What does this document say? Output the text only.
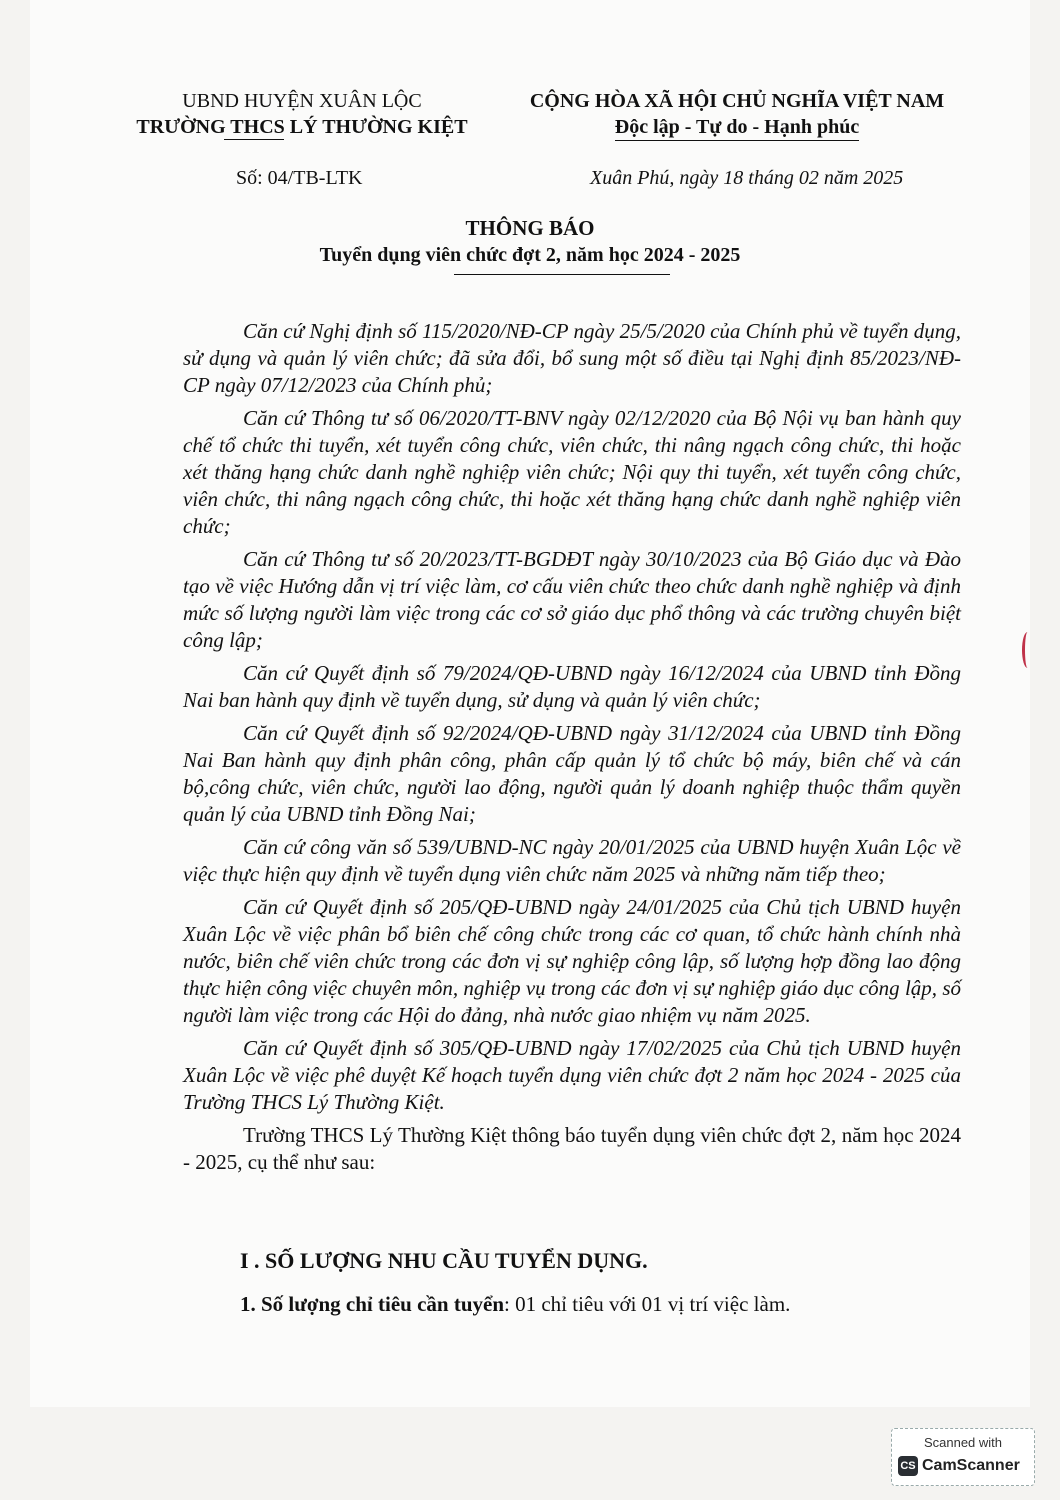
UBND HUYỆN XUÂN LỘC
TRƯỜNG THCS LÝ THƯỜNG KIỆT
CỘNG HÒA XÃ HỘI CHỦ NGHĨA VIỆT NAM
Độc lập - Tự do - Hạnh phúc
Số: 04/TB-LTK	Xuân Phú, ngày 18 tháng 02 năm 2025
THÔNG BÁO
Tuyển dụng viên chức đợt 2, năm học 2024 - 2025

Căn cứ Nghị định số 115/2020/NĐ-CP ngày 25/5/2020 của Chính phủ về tuyển dụng, sử dụng và quản lý viên chức; đã sửa đổi, bổ sung một số điều tại Nghị định 85/2023/NĐ-CP ngày 07/12/2023 của Chính phủ;

Căn cứ Thông tư số 06/2020/TT-BNV ngày 02/12/2020 của Bộ Nội vụ ban hành quy chế tổ chức thi tuyển, xét tuyển công chức, viên chức, thi nâng ngạch công chức, thi hoặc xét thăng hạng chức danh nghề nghiệp viên chức; Nội quy thi tuyển, xét tuyển công chức, viên chức, thi nâng ngạch công chức, thi hoặc xét thăng hạng chức danh nghề nghiệp viên chức;

Căn cứ Thông tư số 20/2023/TT-BGDĐT ngày 30/10/2023 của Bộ Giáo dục và Đào tạo về việc Hướng dẫn vị trí việc làm, cơ cấu viên chức theo chức danh nghề nghiệp và định mức số lượng người làm việc trong các cơ sở giáo dục phổ thông và các trường chuyên biệt công lập;

Căn cứ Quyết định số 79/2024/QĐ-UBND ngày 16/12/2024 của UBND tỉnh Đồng Nai ban hành quy định về tuyển dụng, sử dụng và quản lý viên chức;

Căn cứ Quyết định số 92/2024/QĐ-UBND ngày 31/12/2024 của UBND tỉnh Đồng Nai Ban hành quy định phân công, phân cấp quản lý tổ chức bộ máy, biên chế và cán bộ,công chức, viên chức, người lao động, người quản lý doanh nghiệp thuộc thẩm quyền quản lý của UBND tỉnh Đồng Nai;

Căn cứ công văn số 539/UBND-NC ngày 20/01/2025 của UBND huyện Xuân Lộc về việc thực hiện quy định về tuyển dụng viên chức năm 2025 và những năm tiếp theo;

Căn cứ Quyết định số 205/QĐ-UBND ngày 24/01/2025 của Chủ tịch UBND huyện Xuân Lộc về việc phân bổ biên chế công chức trong các cơ quan, tổ chức hành chính nhà nước, biên chế viên chức trong các đơn vị sự nghiệp công lập, số lượng hợp đồng lao động thực hiện công việc chuyên môn, nghiệp vụ trong các đơn vị sự nghiệp giáo dục công lập, số người làm việc trong các Hội do đảng, nhà nước giao nhiệm vụ năm 2025.

Căn cứ Quyết định số 305/QĐ-UBND ngày 17/02/2025 của Chủ tịch UBND huyện Xuân Lộc về việc phê duyệt Kế hoạch tuyển dụng viên chức đợt 2 năm học 2024 - 2025 của Trường THCS Lý Thường Kiệt.

Trường THCS Lý Thường Kiệt thông báo tuyển dụng viên chức đợt 2, năm học 2024 - 2025, cụ thể như sau:

I . SỐ LƯỢNG NHU CẦU TUYỂN DỤNG.
1. Số lượng chỉ tiêu cần tuyển: 01 chỉ tiêu với 01 vị trí việc làm.
Scanned with
CS CamScanner
